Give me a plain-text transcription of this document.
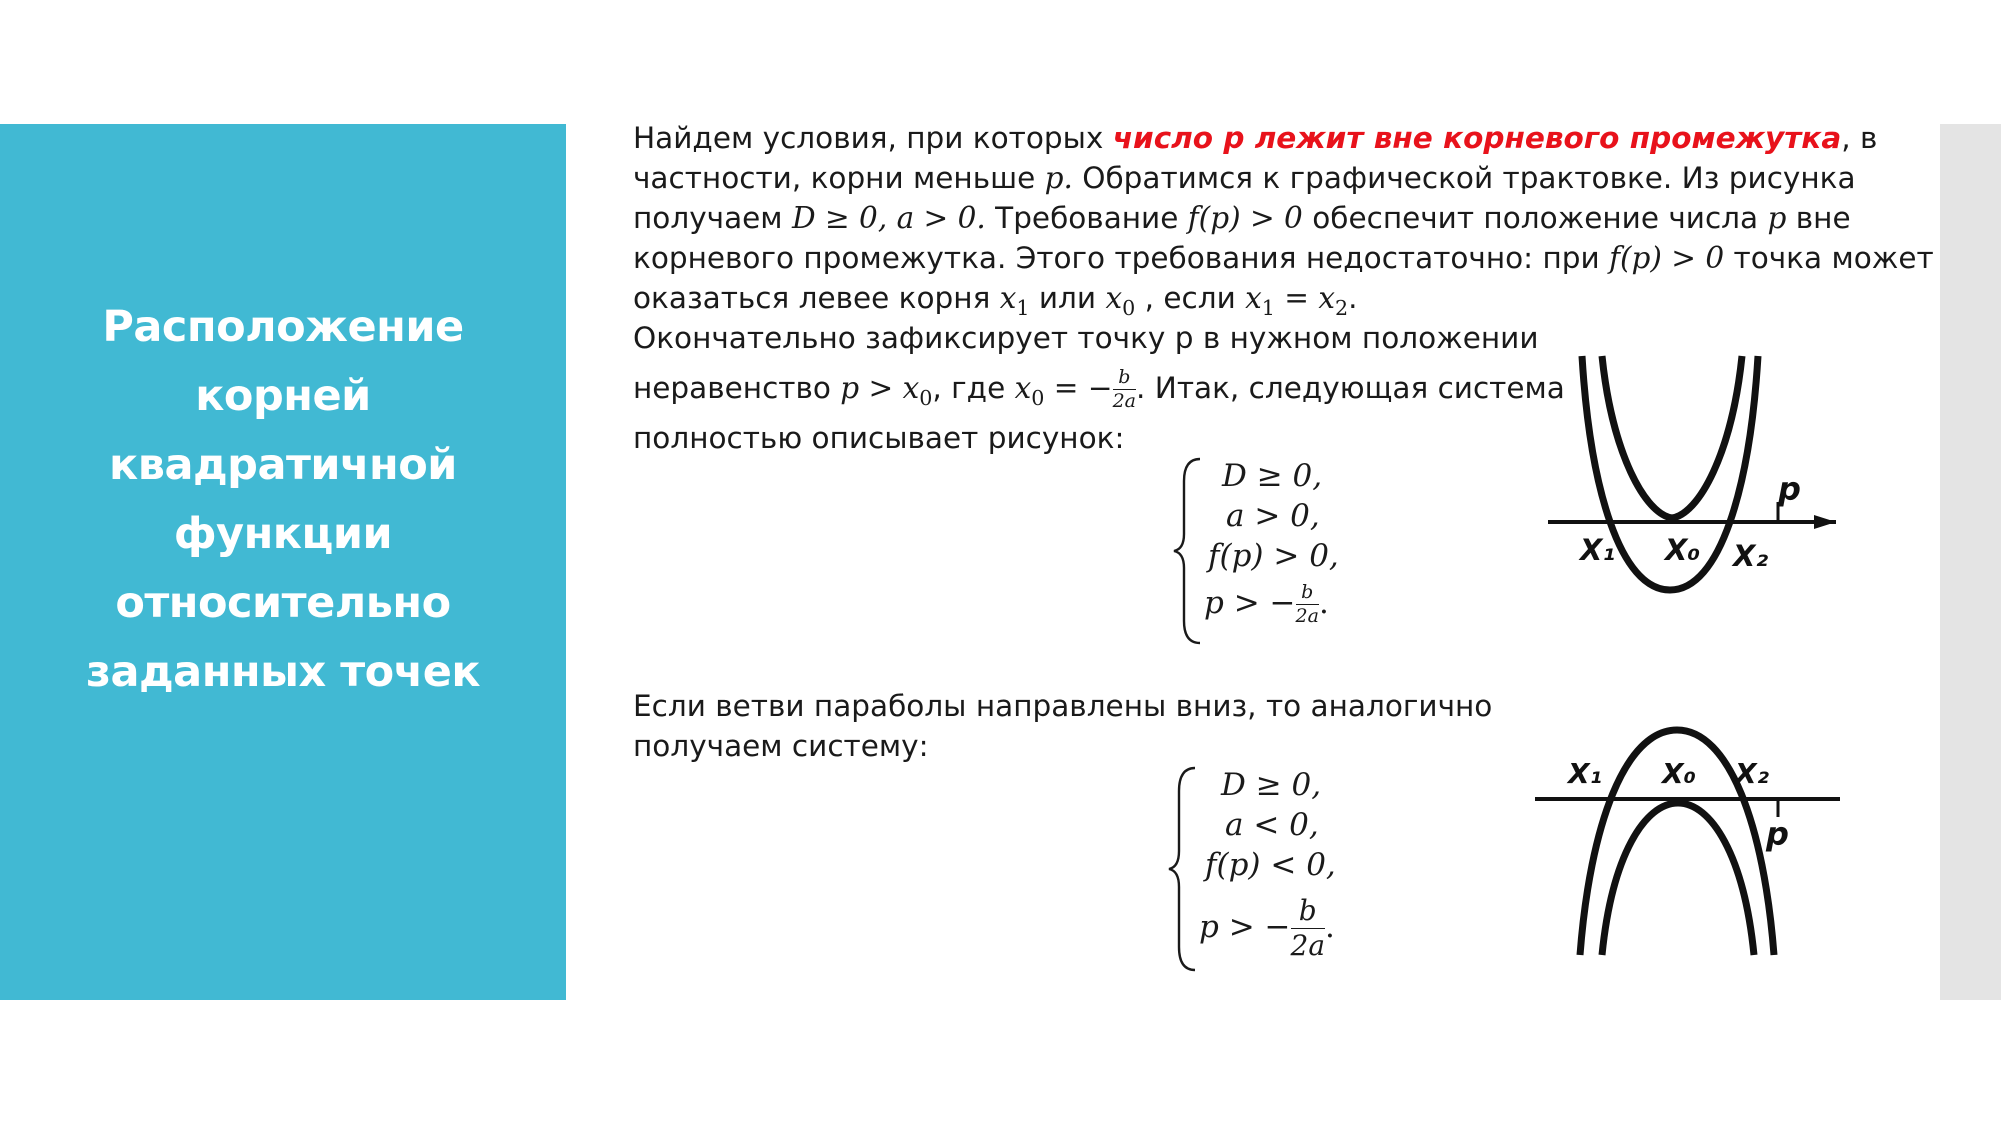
Расположение
корней
квадратичной
функции
относительно
заданных точек
Найдем условия, при которых число p лежит вне корневого промежутка, в
частности, корни меньше p. Обратимся к графической трактовке. Из рисунка
получаем D ≥ 0, a > 0. Требование f(p) > 0 обеспечит положение числа p вне
корневого промежутка. Этого требования недостаточно: при f(p) > 0 точка может
оказаться левее корня $x_1$ или $x_0$ , если $x_1 = x_2$.
Окончательно зафиксирует точку p в нужном положении
неравенство $p > x_0$, где $x_0$ = − $\frac{b}{2a}$ . Итак, следующая система
полностью описывает рисунок:
D ≥ 0,
a > 0,
f(p) > 0,
p > − $\frac{b}{2a}$ .
Если ветви параболы направлены вниз, то аналогично
получаем систему:
D ≥ 0,
a < 0,
f(p) < 0,
p > − $\frac{b}{2a}$ .
p
X₁ X₀ X₂
X₁ X₀ X₂
p
